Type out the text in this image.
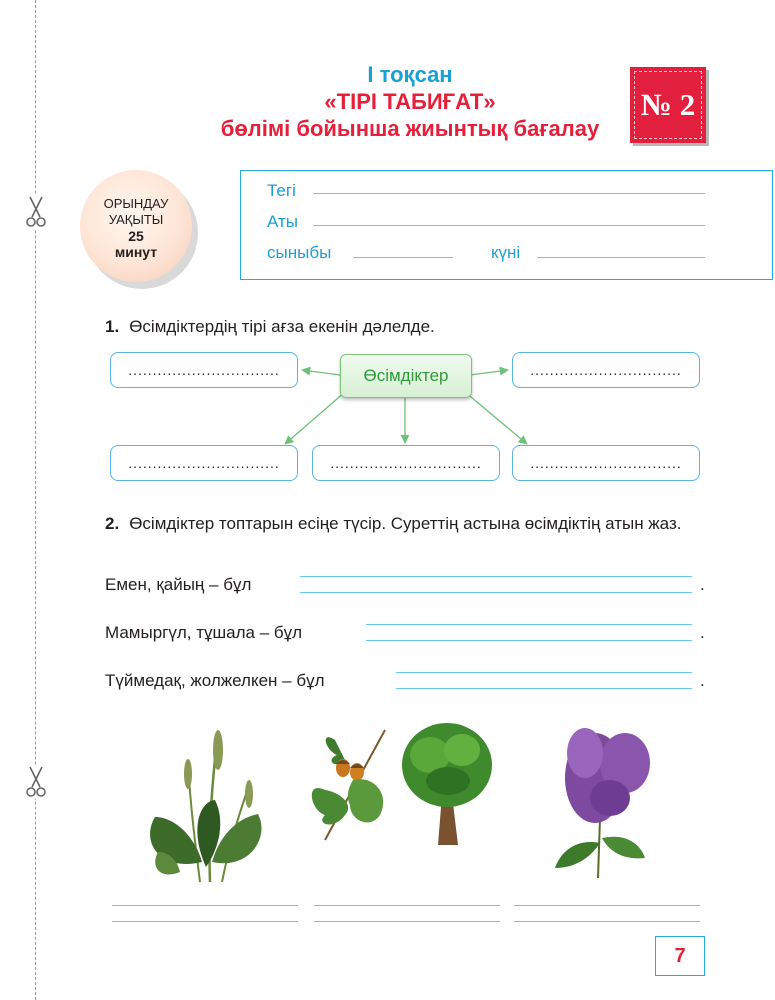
І тоқсан
«ТІРІ ТАБИҒАТ»
бөлімі бойынша жиынтық бағалау
№ 2
ОРЫНДАУ
УАҚЫТЫ
25
минут
Тегі
Аты
сыныбы	күні
1. Өсімдіктердің тірі ағза екенін дәлелде.
Өсімдіктер
...............................	...............................
...............................	...............................	...............................
2. Өсімдіктер топтарын есіңе түсір. Суреттің астына өсімдіктің атын жаз.
Емен, қайың – бұл	.
Мамыргүл, тұшала – бұл	.
Түймедақ, жолжелкен – бұл	.
7
